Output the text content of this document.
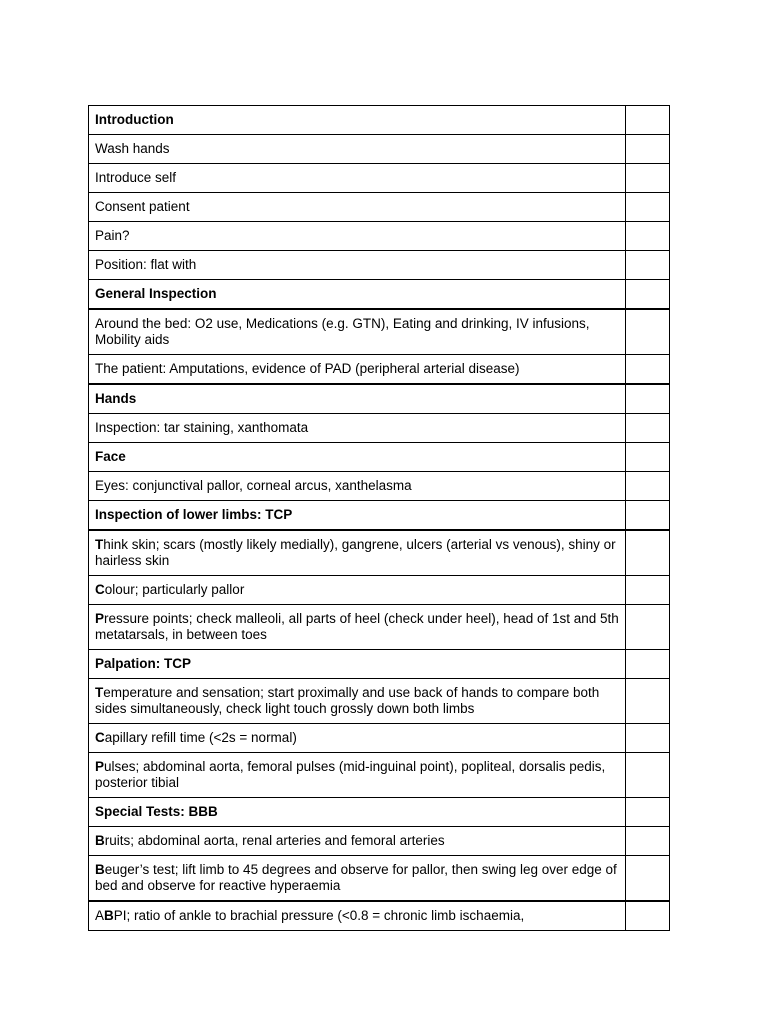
Introduction	
Wash hands	
Introduce self	
Consent patient	
Pain?	
Position: flat with	
General Inspection	
Around the bed: O2 use, Medications (e.g. GTN), Eating and drinking, IV infusions, Mobility aids	
The patient: Amputations, evidence of PAD (peripheral arterial disease)	
Hands	
Inspection: tar staining, xanthomata	
Face	
Eyes: conjunctival pallor, corneal arcus, xanthelasma	
Inspection of lower limbs: TCP	
Think skin; scars (mostly likely medially), gangrene, ulcers (arterial vs venous), shiny or hairless skin	
Colour; particularly pallor	
Pressure points; check malleoli, all parts of heel (check under heel), head of 1st and 5th metatarsals, in between toes	
Palpation: TCP	
Temperature and sensation; start proximally and use back of hands to compare both sides simultaneously, check light touch grossly down both limbs	
Capillary refill time (<2s = normal)	
Pulses; abdominal aorta, femoral pulses (mid-inguinal point), popliteal, dorsalis pedis, posterior tibial	
Special Tests: BBB	
Bruits; abdominal aorta, renal arteries and femoral arteries	
Beuger’s test; lift limb to 45 degrees and observe for pallor, then swing leg over edge of bed and observe for reactive hyperaemia	
ABPI; ratio of ankle to brachial pressure (<0.8 = chronic limb ischaemia,	
